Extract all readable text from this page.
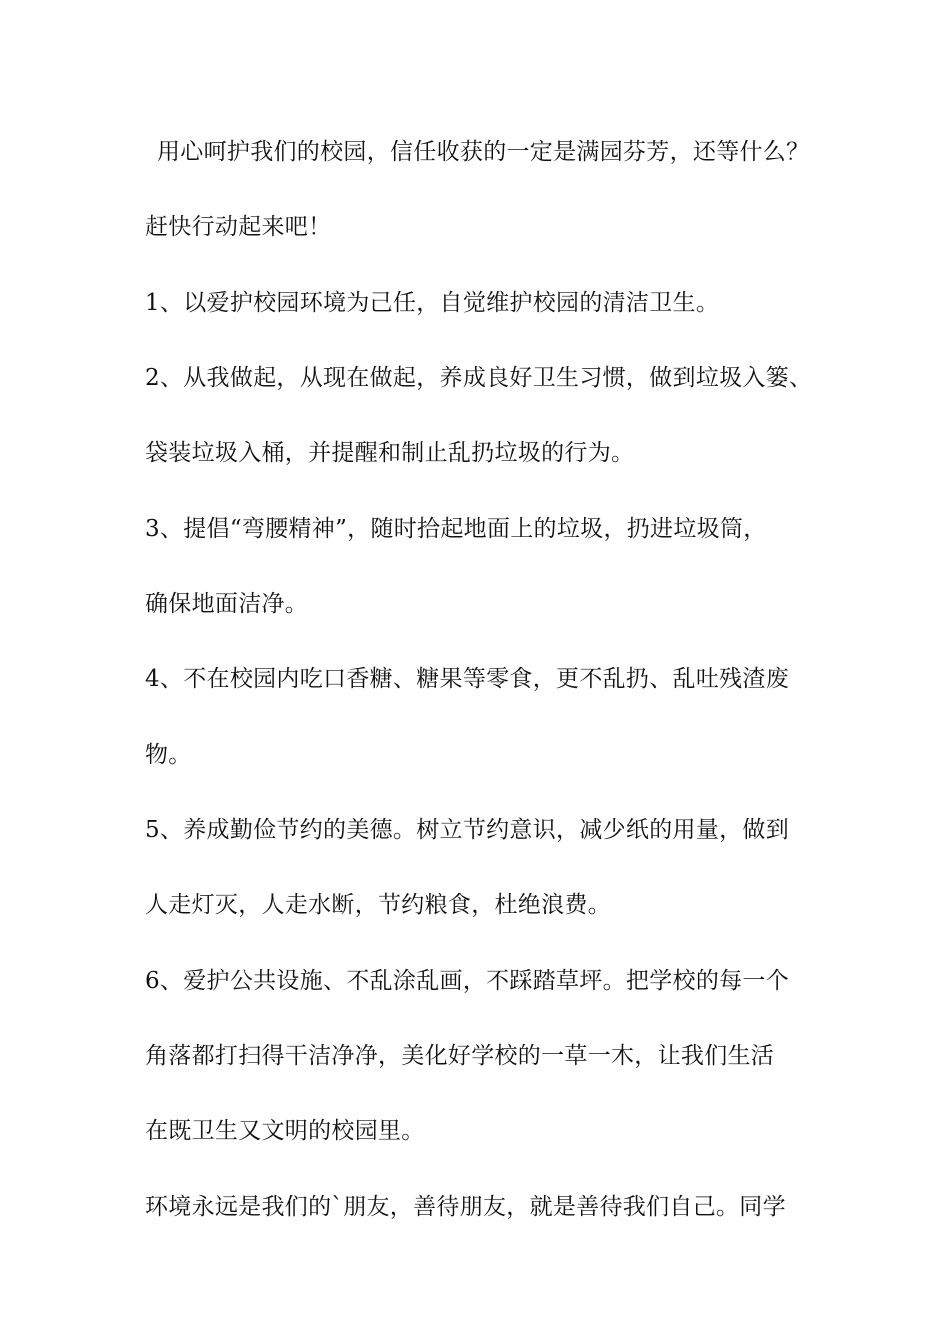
用心呵护我们的校园，信任收获的一定是满园芬芳，还等什么？
赶快行动起来吧！
1、以爱护校园环境为己任，自觉维护校园的清洁卫生。
2、从我做起，从现在做起，养成良好卫生习惯，做到垃圾入篓、
袋装垃圾入桶，并提醒和制止乱扔垃圾的行为。
3、提倡“弯腰精神”，随时拾起地面上的垃圾，扔进垃圾筒，
确保地面洁净。
4、不在校园内吃口香糖、糖果等零食，更不乱扔、乱吐残渣废
物。
5、养成勤俭节约的美德。树立节约意识，减少纸的用量，做到
人走灯灭，人走水断，节约粮食，杜绝浪费。
6、爱护公共设施、不乱涂乱画，不踩踏草坪。把学校的每一个
角落都打扫得干洁净净，美化好学校的一草一木，让我们生活
在既卫生又文明的校园里。
环境永远是我们的`朋友，善待朋友，就是善待我们自己。同学
